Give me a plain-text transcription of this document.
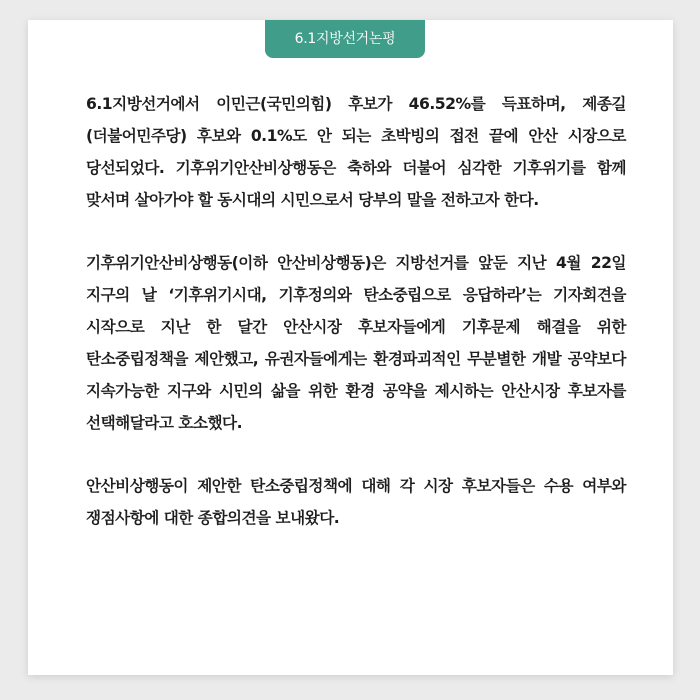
6.1지방선거논평

6.1지방선거에서 이민근(국민의힘) 후보가 46.52%를 득표하며, 제종길(더불어민주당) 후보와 0.1%도 안 되는 초박빙의 접전 끝에 안산 시장으로 당선되었다. 기후위기안산비상행동은 축하와 더불어 심각한 기후위기를 함께 맞서며 살아가야 할 동시대의 시민으로서 당부의 말을 전하고자 한다.

기후위기안산비상행동(이하 안산비상행동)은 지방선거를 앞둔 지난 4월 22일 지구의 날 ‘기후위기시대, 기후정의와 탄소중립으로 응답하라’는 기자회견을 시작으로 지난 한 달간 안산시장 후보자들에게 기후문제 해결을 위한 탄소중립정책을 제안했고, 유권자들에게는 환경파괴적인 무분별한 개발 공약보다 지속가능한 지구와 시민의 삶을 위한 환경 공약을 제시하는 안산시장 후보자를 선택해달라고 호소했다.

안산비상행동이 제안한 탄소중립정책에 대해 각 시장 후보자들은 수용 여부와 쟁점사항에 대한 종합의견을 보내왔다.
